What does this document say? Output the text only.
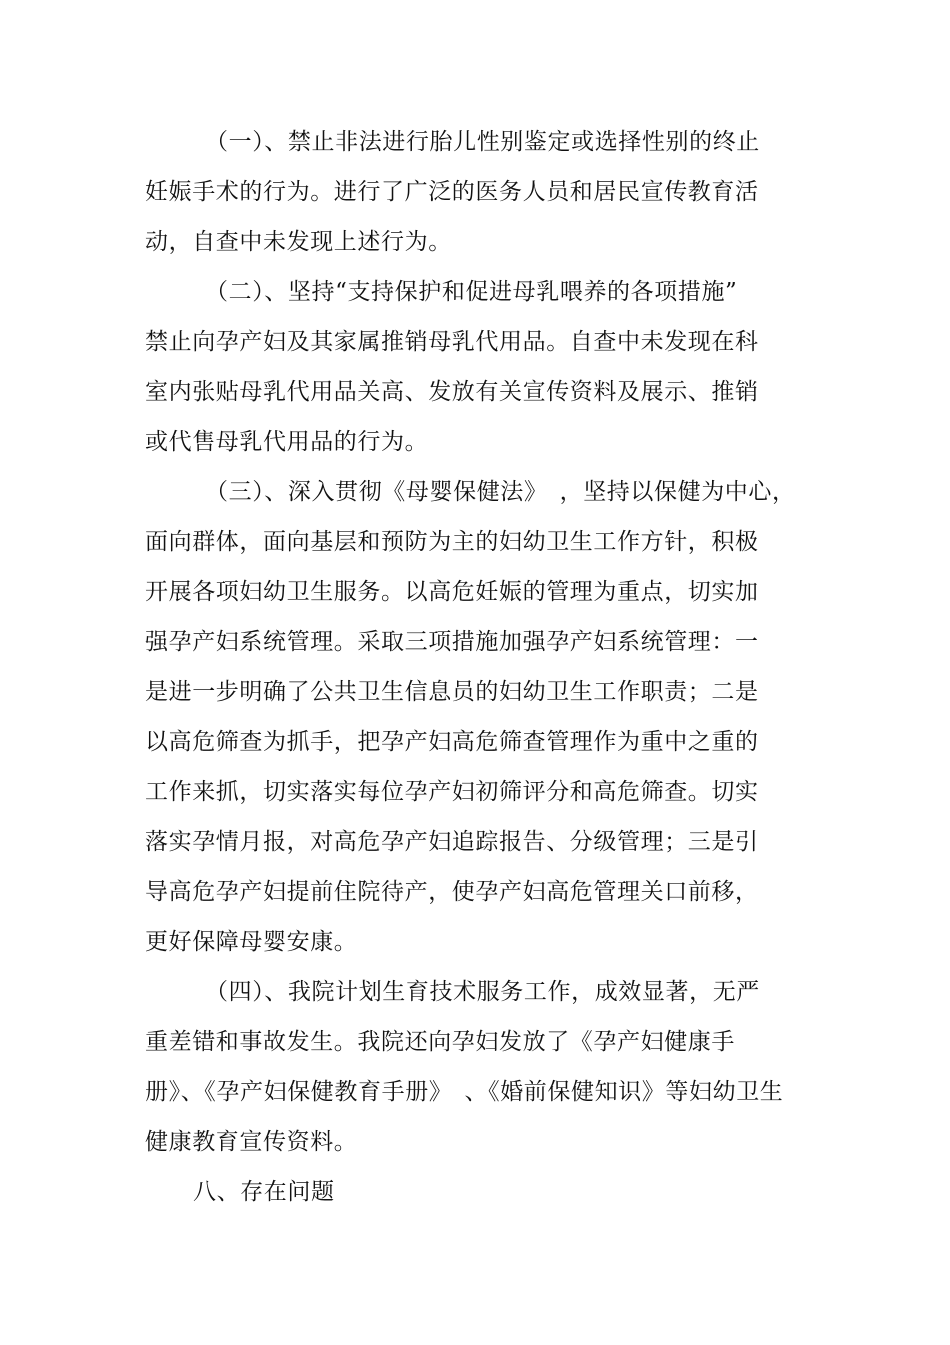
（一）、禁止非法进行胎儿性别鉴定或选择性别的终止
妊娠手术的行为。进行了广泛的医务人员和居民宣传教育活
动，自查中未发现上述行为。
（二）、坚持“支持保护和促进母乳喂养的各项措施”
禁止向孕产妇及其家属推销母乳代用品。自查中未发现在科
室内张贴母乳代用品关高、发放有关宣传资料及展示、推销
或代售母乳代用品的行为。
（三）、深入贯彻《母婴保健法》　，坚持以保健为中心，
面向群体，面向基层和预防为主的妇幼卫生工作方针，积极
开展各项妇幼卫生服务。以高危妊娠的管理为重点，切实加
强孕产妇系统管理。采取三项措施加强孕产妇系统管理：一
是进一步明确了公共卫生信息员的妇幼卫生工作职责；二是
以高危筛查为抓手，把孕产妇高危筛查管理作为重中之重的
工作来抓，切实落实每位孕产妇初筛评分和高危筛查。切实
落实孕情月报，对高危孕产妇追踪报告、分级管理；三是引
导高危孕产妇提前住院待产，使孕产妇高危管理关口前移，
更好保障母婴安康。
（四）、我院计划生育技术服务工作，成效显著，无严
重差错和事故发生。我院还向孕妇发放了《孕产妇健康手
册》、《孕产妇保健教育手册》　、《婚前保健知识》等妇幼卫生
健康教育宣传资料。
八、存在问题
